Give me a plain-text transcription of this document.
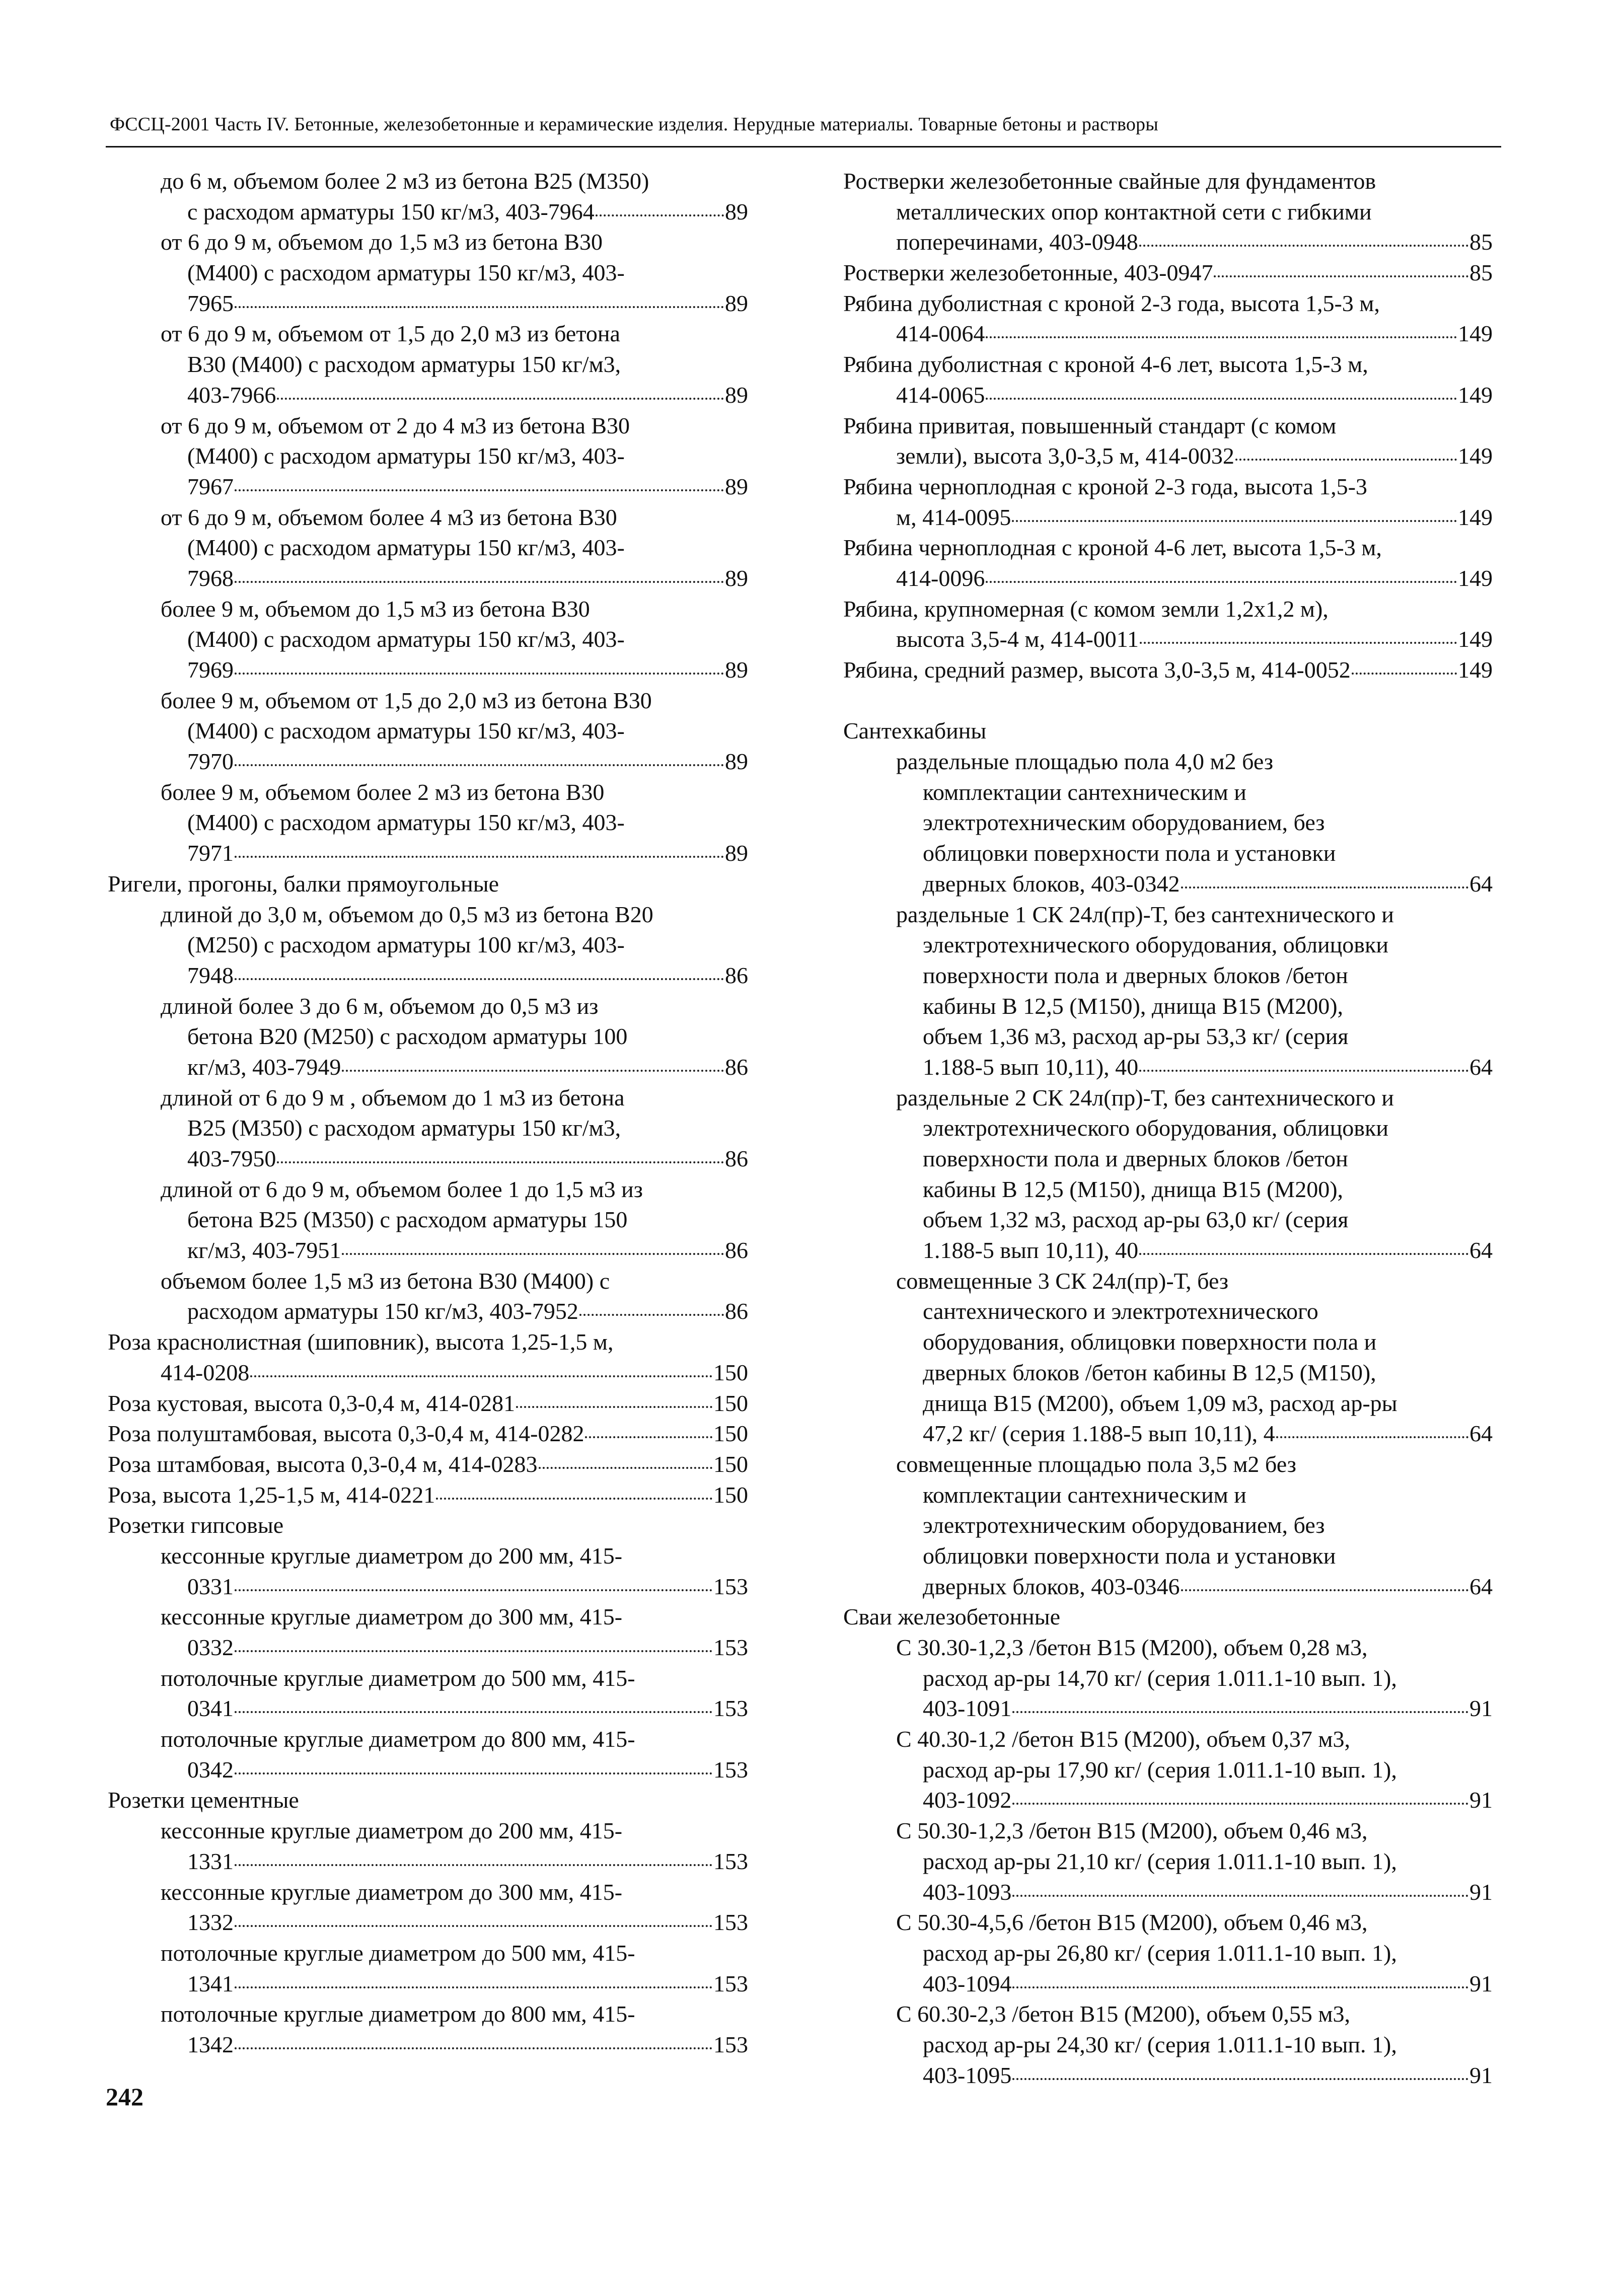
ФССЦ-2001 Часть IV. Бетонные, железобетонные и керамические изделия. Нерудные материалы. Товарные бетоны и растворы
до 6 м, объемом более 2 м3 из бетона В25 (М350)
с расходом арматуры 150 кг/м3, 403-7964	89
от 6 до 9 м, объемом до 1,5 м3 из бетона В30
(М400) с расходом арматуры 150 кг/м3, 403-
7965	89
от 6 до 9 м, объемом от 1,5 до 2,0 м3 из бетона
В30 (М400) с расходом арматуры 150 кг/м3,
403-7966	89
от 6 до 9 м, объемом от 2 до 4 м3 из бетона В30
(М400) с расходом арматуры 150 кг/м3, 403-
7967	89
от 6 до 9 м, объемом более 4 м3 из бетона В30
(М400) с расходом арматуры 150 кг/м3, 403-
7968	89
более 9 м, объемом до 1,5 м3 из бетона В30
(М400) с расходом арматуры 150 кг/м3, 403-
7969	89
более 9 м, объемом от 1,5 до 2,0 м3 из бетона В30
(М400) с расходом арматуры 150 кг/м3, 403-
7970	89
более 9 м, объемом более 2 м3 из бетона В30
(М400) с расходом арматуры 150 кг/м3, 403-
7971	89
Ригели, прогоны, балки прямоугольные
длиной до 3,0 м, объемом до 0,5 м3 из бетона В20
(М250) с расходом арматуры 100 кг/м3, 403-
7948	86
длиной более 3 до 6 м, объемом до 0,5 м3 из
бетона В20 (М250) с расходом арматуры 100
кг/м3, 403-7949	86
длиной от 6 до 9 м , объемом до 1 м3 из бетона
В25 (М350) с расходом арматуры 150 кг/м3,
403-7950	86
длиной от 6 до 9 м, объемом более 1 до 1,5 м3 из
бетона В25 (М350) с расходом арматуры 150
кг/м3, 403-7951	86
объемом более 1,5 м3 из бетона В30 (М400) с
расходом арматуры 150 кг/м3, 403-7952	86
Роза краснолистная (шиповник), высота 1,25-1,5 м,
414-0208	150
Роза кустовая, высота 0,3-0,4 м, 414-0281	150
Роза полуштамбовая, высота 0,3-0,4 м, 414-0282	150
Роза штамбовая, высота 0,3-0,4 м, 414-0283	150
Роза, высота 1,25-1,5 м, 414-0221	150
Розетки гипсовые
кессонные круглые диаметром до 200 мм, 415-
0331	153
кессонные круглые диаметром до 300 мм, 415-
0332	153
потолочные круглые диаметром до 500 мм, 415-
0341	153
потолочные круглые диаметром до 800 мм, 415-
0342	153
Розетки цементные
кессонные круглые диаметром до 200 мм, 415-
1331	153
кессонные круглые диаметром до 300 мм, 415-
1332	153
потолочные круглые диаметром до 500 мм, 415-
1341	153
потолочные круглые диаметром до 800 мм, 415-
1342	153
Ростверки железобетонные свайные для фундаментов
металлических опор контактной сети с гибкими
поперечинами, 403-0948	85
Ростверки железобетонные, 403-0947	85
Рябина дуболистная с кроной 2-3 года, высота 1,5-3 м,
414-0064	149
Рябина дуболистная с кроной 4-6 лет, высота 1,5-3 м,
414-0065	149
Рябина привитая, повышенный стандарт (с комом
земли), высота 3,0-3,5 м, 414-0032	149
Рябина черноплодная с кроной 2-3 года, высота 1,5-3
м, 414-0095	149
Рябина черноплодная с кроной 4-6 лет, высота 1,5-3 м,
414-0096	149
Рябина, крупномерная (с комом земли 1,2х1,2 м),
высота 3,5-4 м, 414-0011	149
Рябина, средний размер, высота 3,0-3,5 м, 414-0052	149
Сантехкабины
раздельные площадью пола 4,0 м2 без
комплектации сантехническим и
электротехническим оборудованием, без
облицовки поверхности пола и установки
дверных блоков, 403-0342	64
раздельные 1 СК 24л(пр)-Т, без сантехнического и
электротехнического оборудования, облицовки
поверхности пола и дверных блоков /бетон
кабины В 12,5 (М150), днища В15 (М200),
объем 1,36 м3, расход ар-ры 53,3 кг/ (серия
1.188-5 вып 10,11), 40	64
раздельные 2 СК 24л(пр)-Т, без сантехнического и
электротехнического оборудования, облицовки
поверхности пола и дверных блоков /бетон
кабины В 12,5 (М150), днища В15 (М200),
объем 1,32 м3, расход ар-ры 63,0 кг/ (серия
1.188-5 вып 10,11), 40	64
совмещенные 3 СК 24л(пр)-Т, без
сантехнического и электротехнического
оборудования, облицовки поверхности пола и
дверных блоков /бетон кабины В 12,5 (М150),
днища В15 (М200), объем 1,09 м3, расход ар-ры
47,2 кг/ (серия 1.188-5 вып 10,11), 4	64
совмещенные площадью пола 3,5 м2 без
комплектации сантехническим и
электротехническим оборудованием, без
облицовки поверхности пола и установки
дверных блоков, 403-0346	64
Сваи железобетонные
С 30.30-1,2,3 /бетон В15 (М200), объем 0,28 м3,
расход ар-ры 14,70 кг/ (серия 1.011.1-10 вып. 1),
403-1091	91
С 40.30-1,2 /бетон В15 (М200), объем 0,37 м3,
расход ар-ры 17,90 кг/ (серия 1.011.1-10 вып. 1),
403-1092	91
С 50.30-1,2,3 /бетон В15 (М200), объем 0,46 м3,
расход ар-ры 21,10 кг/ (серия 1.011.1-10 вып. 1),
403-1093	91
С 50.30-4,5,6 /бетон В15 (М200), объем 0,46 м3,
расход ар-ры 26,80 кг/ (серия 1.011.1-10 вып. 1),
403-1094	91
С 60.30-2,3 /бетон В15 (М200), объем 0,55 м3,
расход ар-ры 24,30 кг/ (серия 1.011.1-10 вып. 1),
403-1095	91
242
